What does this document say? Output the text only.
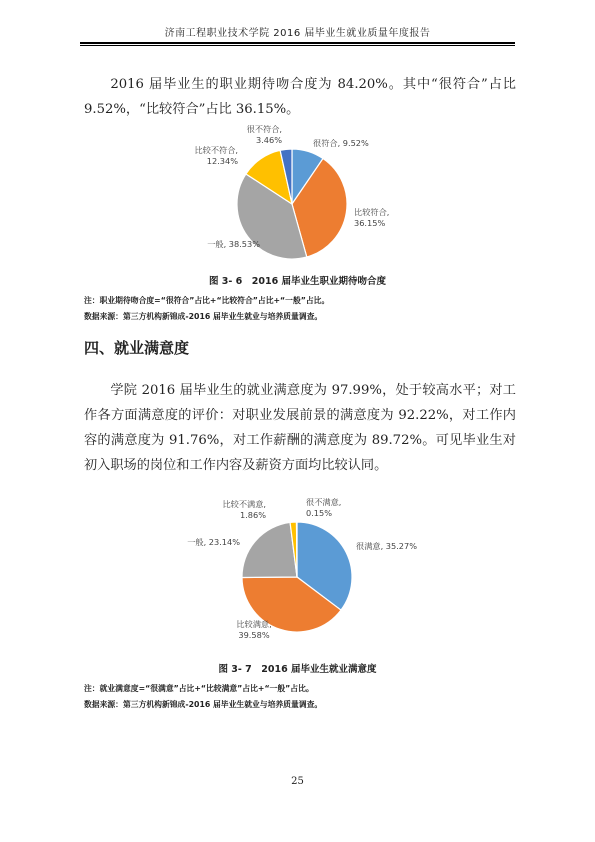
济南工程职业技术学院 2016 届毕业生就业质量年度报告
2016 届毕业生的职业期待吻合度为 84.20%。其中“很符合”占比 9.52%，“比较符合”占比 36.15%。
很符合, 9.52%
比较符合, 36.15%
一般, 38.53%
比较不符合, 12.34%
很不符合, 3.46%
很满意, 35.27%
比较满意, 39.58%
一般, 23.14%
比较不满意, 1.86%
很不满意, 0.15%
图 3- 6　2016 届毕业生职业期待吻合度
注：职业期待吻合度=“很符合”占比+“比较符合”占比+“一般”占比。
数据来源：第三方机构新锦成-2016 届毕业生就业与培养质量调查。
四、就业满意度
学院 2016 届毕业生的就业满意度为 97.99%，处于较高水平；对工作各方面满意度的评价：对职业发展前景的满意度为 92.22%，对工作内容的满意度为 91.76%，对工作薪酬的满意度为 89.72%。可见毕业生对初入职场的岗位和工作内容及薪资方面均比较认同。
图 3- 7　2016 届毕业生就业满意度
注：就业满意度=“很满意”占比+“比较满意”占比+“一般”占比。
数据来源：第三方机构新锦成-2016 届毕业生就业与培养质量调查。
25
